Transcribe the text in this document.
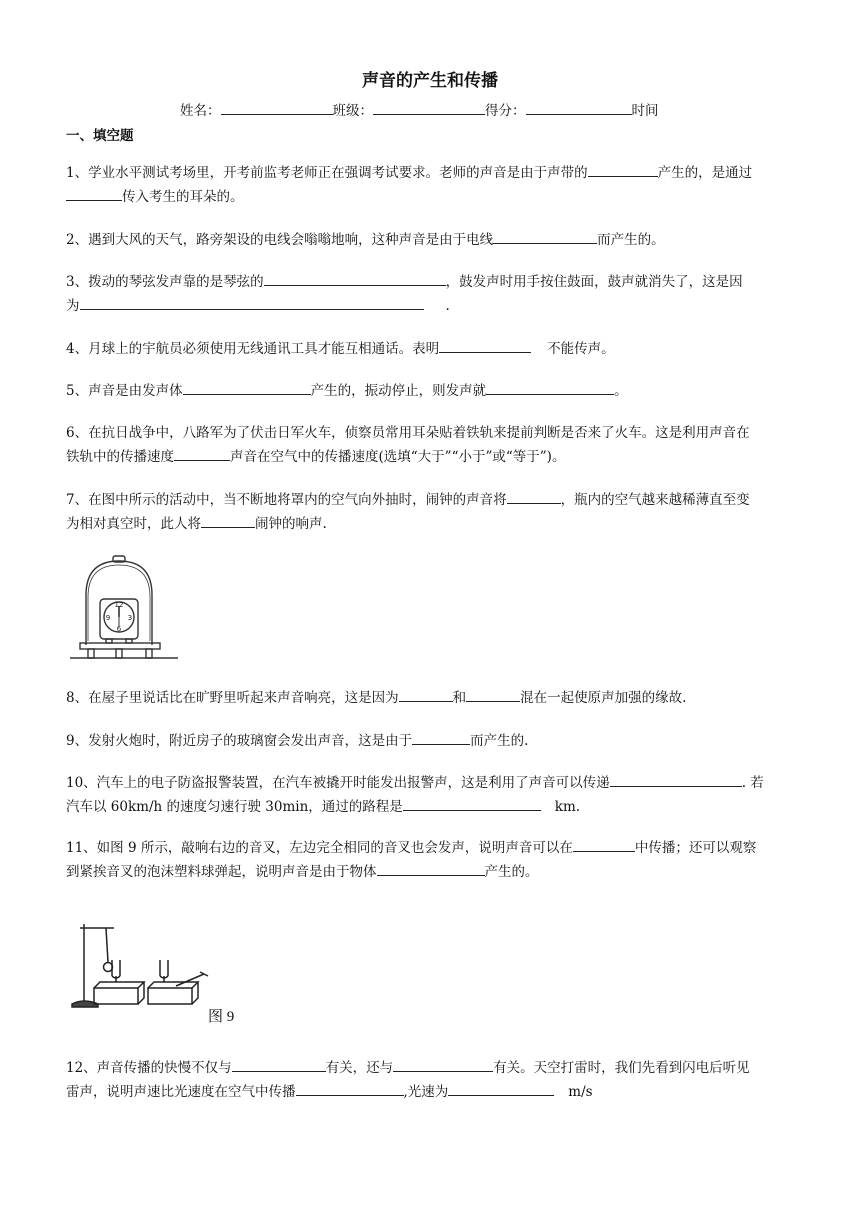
声音的产生和传播
姓名：	班级：	得分：	时间
一、填空题
1、学业水平测试考场里，开考前监考老师正在强调考试要求。老师的声音是由于声带的	产生的，是通过
传入考生的耳朵的。
2、遇到大风的天气，路旁架设的电线会嗡嗡地响，这种声音是由于电线	而产生的。
3、拨动的琴弦发声靠的是琴弦的	，鼓发声时用手按住鼓面，鼓声就消失了，这是因
为	.
4、月球上的宇航员必须使用无线通讯工具才能互相通话。表明	不能传声。
5、声音是由发声体	产生的，振动停止，则发声就	。
6、在抗日战争中，八路军为了伏击日军火车，侦察员常用耳朵贴着铁轨来提前判断是否来了火车。这是利用声音在
铁轨中的传播速度	声音在空气中的传播速度(选填“大于”“小于”或“等于”)。
7、在图中所示的活动中，当不断地将罩内的空气向外抽时，闹钟的声音将	，瓶内的空气越来越稀薄直至变
为相对真空时，此人将	闹钟的响声.
12
3
6
9
8、在屋子里说话比在旷野里听起来声音响亮，这是因为	和	混在一起使原声加强的缘故.
9、发射火炮时，附近房子的玻璃窗会发出声音，这是由于	而产生的.
10、汽车上的电子防盗报警装置，在汽车被撬开时能发出报警声，这是利用了声音可以传递	. 若
汽车以 60km/h 的速度匀速行驶 30min，通过的路程是	km.
11、如图 9 所示，敲响右边的音叉，左边完全相同的音叉也会发声，说明声音可以在	中传播；还可以观察
到紧挨音叉的泡沫塑料球弹起，说明声音是由于物体	产生的。
图 9
12、声音传播的快慢不仅与	有关，还与	有关。天空打雷时，我们先看到闪电后听见
雷声，说明声速比光速度在空气中传播	,光速为	m/s
